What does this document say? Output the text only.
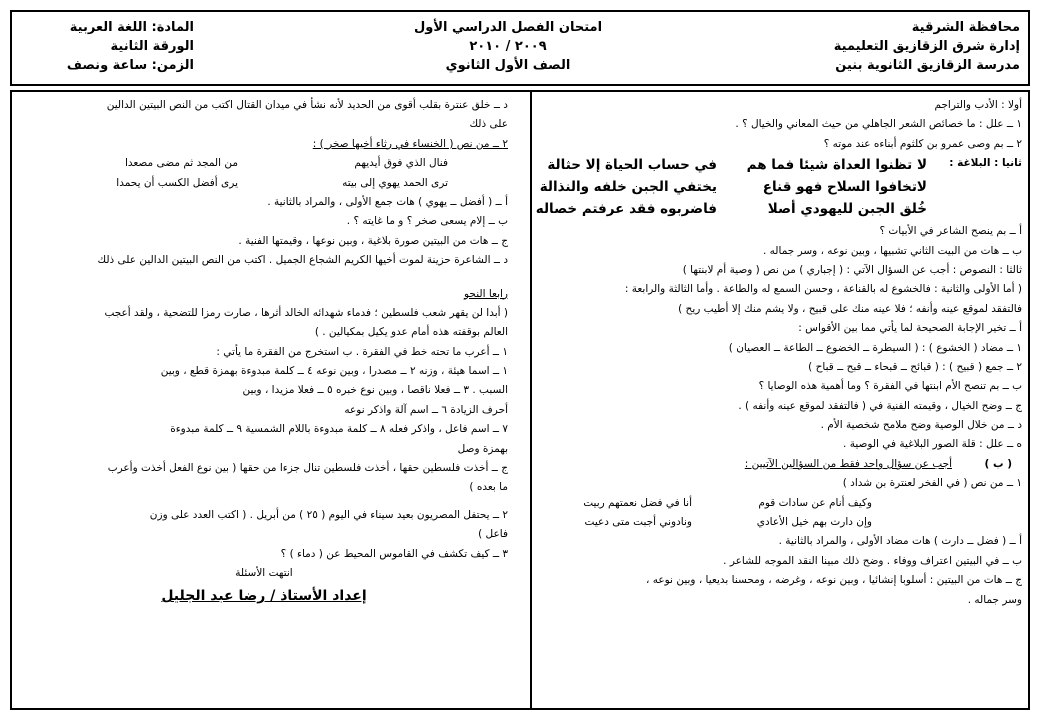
محافظة الشرقية
إدارة شرق الزقازيق التعليمية
مدرسة الزقازيق الثانوية بنين
امتحان الفصل الدراسي الأول
٢٠٠٩ / ٢٠١٠
الصف الأول الثانوي
المادة: اللغة العربية
الورقة الثانية
الزمن: ساعة ونصف
أولا : الأدب والتراجم
١ ــ علل : ما خصائص الشعر الجاهلي من حيث المعاني والخيال ؟ .
٢ ــ بم وصى عمرو بن كلثوم أبناءه عند موته ؟
ثانيا : البلاغة :
لا تظنوا العداة شيئا فما هم
في حساب الحياة إلا حثالة
لاتخافوا السلاح فهو قناع
يختفي الجبن خلفه والنذالة
خُلق الجبن لليهودي أصلا
فاضربوه فقد عرفتم خصاله
أ ــ بم ينصح الشاعر في الأبيات ؟
ب ــ هات من البيت الثاني تشبيها ، وبين نوعه ، وسر جماله .
ثالثا : النصوص : أجب عن السؤال الآتي : ( إجباري ) من نص ( وصية أم لابنتها )
( أما الأولى والثانية : فالخشوع له بالقناعة ، وحسن السمع له والطاعة . وأما الثالثة والرابعة :
فالتفقد لموقع عينه وأنفه ؛ فلا عينه منك على قبيح ، ولا يشم منك إلا أطيب ريح )
أ ــ تخير الإجابة الصحيحة لما يأتي مما بين الأقواس :
١ ــ مضاد ( الخشوع ) : ( السيطرة ــ الخضوع ــ الطاعة ــ العصيان )
٢ ــ جمع ( قبيح ) : ( قبائح ــ قبحاء ــ قبح ــ قباح )
ب ــ بم تنصح الأم ابنتها في الفقرة ؟ وما أهمية هذه الوصايا ؟
ج ــ وضح الخيال ، وقيمته الفنية في ( فالتفقد لموقع عينه وأنفه ) .
د ــ من خلال الوصية وضح ملامح شخصية الأم .
ه ــ علل : قلة الصور البلاغية في الوصية .
( ب )
أجب عن سؤال واحد فقط من السؤالين الآتيين :
١ ــ من نص ( في الفخر لعنترة بن شداد )
وكيف أنام عن سادات قوم
أنا في فضل نعمتهم ربيت
وإن دارت بهم خيل الأعادي
ونادوني أجبت متى دعيت
أ ــ ( فضل ــ دارت ) هات مضاد الأولى ، والمراد بالثانية .
ب ــ في البيتين اعتراف ووفاء . وضح ذلك مبينا النقد الموجه للشاعر .
ج ــ هات من البيتين : أسلوبا إنشائيا ، وبين نوعه ، وغرضه ، ومحسنا بديعيا ، وبين نوعه ،
وسر جماله .
د ــ خلق عنترة بقلب أقوى من الحديد لأنه نشأ في ميدان القتال اكتب من النص البيتين الدالين
على ذلك
٢ ــ من نص ( الخنساء في رثاء أخيها صخر ) :
فنال الذي فوق أيديهم
من المجد ثم مضى مصعدا
ترى الحمد يهوي إلى بيته
يرى أفضل الكسب أن يحمدا
أ ــ ( أفضل ــ يهوي ) هات جمع الأولى ، والمراد بالثانية .
ب ــ إلام يسعى صخر ؟ و ما غايته ؟ .
ج ــ هات من البيتين صورة بلاغية ، وبين نوعها ، وقيمتها الفنية .
د ــ الشاعرة حزينة لموت أخيها الكريم الشجاع الجميل . اكتب من النص البيتين الدالين على ذلك
رابعا النحو
( أبدا لن يقهر شعب فلسطين ؛ فدماء شهدائه الخالد أثرها ، صارت رمزا للتضحية ، ولقد أعجب
العالم بوقفته هذه أمام عدو يكيل بمكيالين . )
١ ــ أعرب ما تحته خط في الفقرة . ب استخرج من الفقرة ما يأتي :
١ ــ اسما هيئة ، وزنه ٢ ــ مصدرا ، وبين نوعه ٤ ــ كلمة مبدوءة بهمزة قطع ، وبين
السبب . ٣ ــ فعلا ناقصا ، وبين نوع خبره ٥ ــ فعلا مزيدا ، وبين
أحرف الزيادة ٦ ــ اسم آلة واذكر نوعه
٧ ــ اسم فاعل ، واذكر فعله ٨ ــ كلمة مبدوءة باللام الشمسية ٩ ــ كلمة مبدوءة
بهمزة وصل
ج ــ أخذت فلسطين حقها ، أخذت فلسطين تنال جزءا من حقها ( بين نوع الفعل أخذت وأعرب
ما بعده )
٢ ــ يحتفل المصريون بعيد سيناء في اليوم ( ٢٥ ) من أبريل . ( اكتب العدد على وزن
فاعل )
٣ ــ كيف تكشف في القاموس المحيط عن ( دماء ) ؟
انتهت الأسئلة
إعداد الأستاذ / رضا عبد الجليل
